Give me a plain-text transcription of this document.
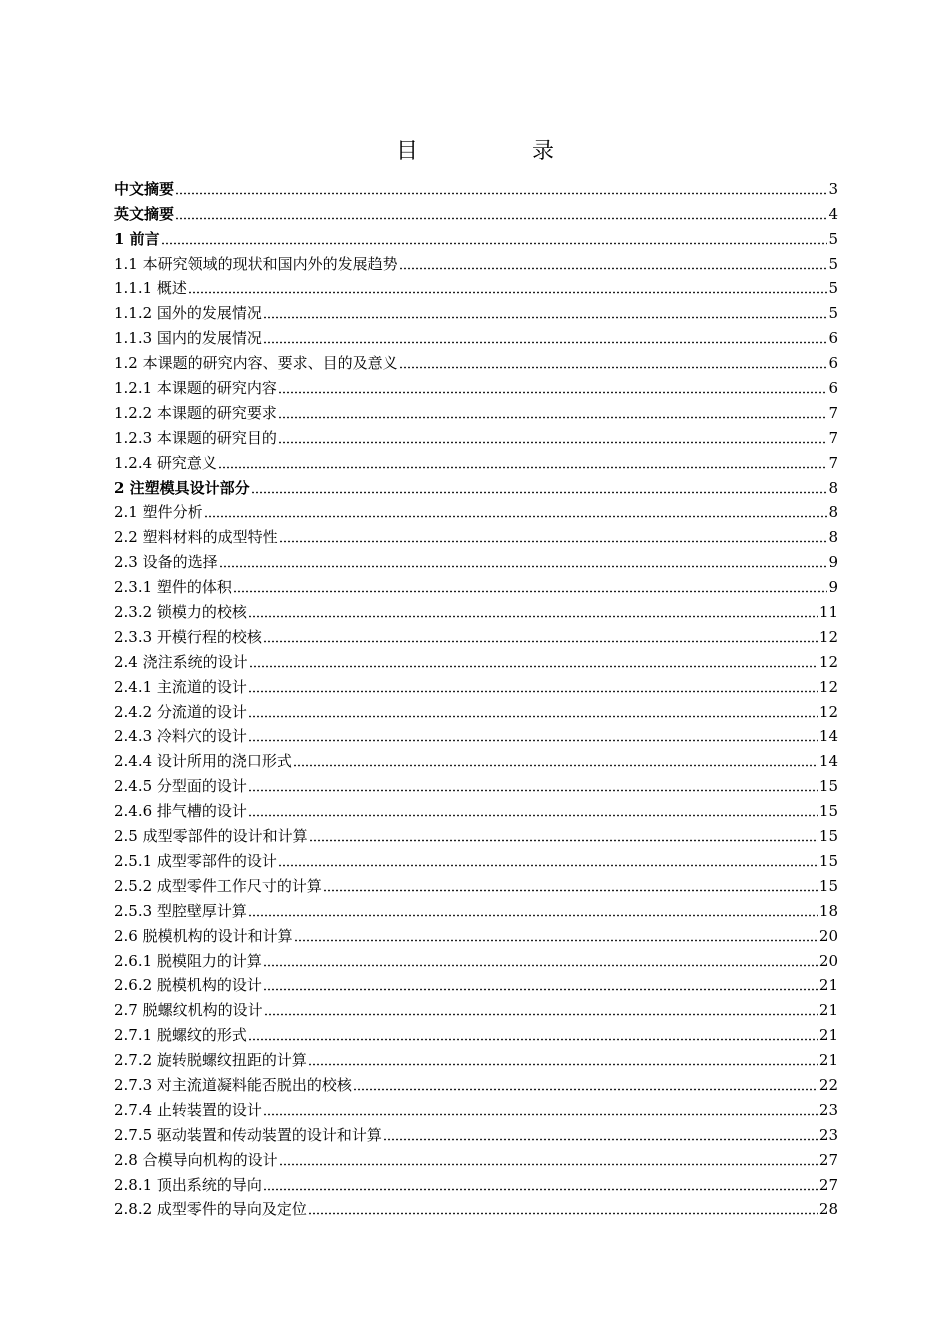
目　录
中文摘要	3
英文摘要	4
1 前言	5
1.1 本研究领域的现状和国内外的发展趋势	5
1.1.1 概述	5
1.1.2 国外的发展情况	5
1.1.3 国内的发展情况	6
1.2 本课题的研究内容、要求、目的及意义	6
1.2.1 本课题的研究内容	6
1.2.2 本课题的研究要求	7
1.2.3 本课题的研究目的	7
1.2.4 研究意义	7
2 注塑模具设计部分	8
2.1 塑件分析	8
2.2 塑料材料的成型特性	8
2.3 设备的选择	9
2.3.1 塑件的体积	9
2.3.2 锁模力的校核	11
2.3.3 开模行程的校核	12
2.4 浇注系统的设计	12
2.4.1 主流道的设计	12
2.4.2 分流道的设计	12
2.4.3 冷料穴的设计	14
2.4.4 设计所用的浇口形式	14
2.4.5 分型面的设计	15
2.4.6 排气槽的设计	15
2.5 成型零部件的设计和计算	15
2.5.1 成型零部件的设计	15
2.5.2 成型零件工作尺寸的计算	15
2.5.3 型腔壁厚计算	18
2.6 脱模机构的设计和计算	20
2.6.1 脱模阻力的计算	20
2.6.2 脱模机构的设计	21
2.7 脱螺纹机构的设计	21
2.7.1 脱螺纹的形式	21
2.7.2 旋转脱螺纹扭距的计算	21
2.7.3 对主流道凝料能否脱出的校核	22
2.7.4 止转装置的设计	23
2.7.5 驱动装置和传动装置的设计和计算	23
2.8 合模导向机构的设计	27
2.8.1 顶出系统的导向	27
2.8.2 成型零件的导向及定位	28
